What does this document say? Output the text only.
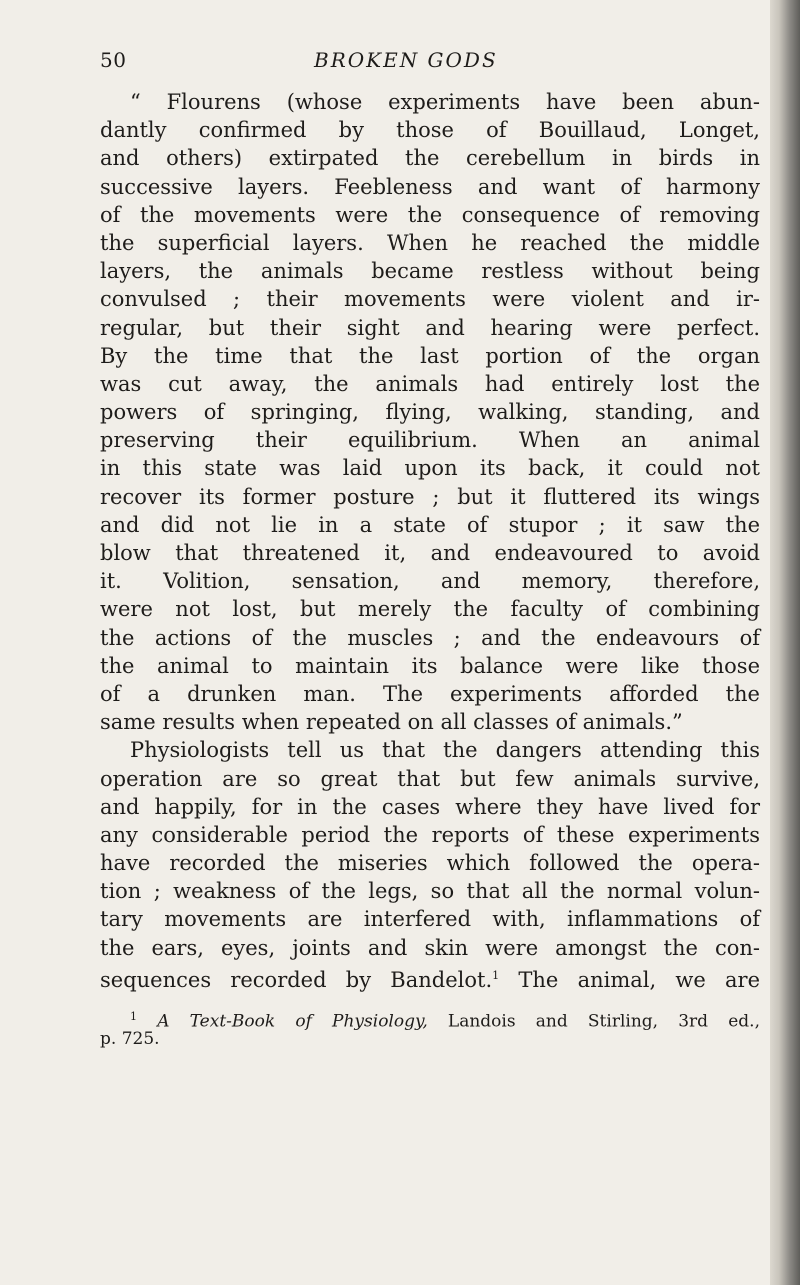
50	BROKEN GODS
“ Flourens (whose experiments have been abun-
dantly confirmed by those of Bouillaud, Longet,
and others) extirpated the cerebellum in birds in
successive layers. Feebleness and want of harmony
of the movements were the consequence of removing
the superficial layers. When he reached the middle
layers, the animals became restless without being
convulsed ; their movements were violent and ir-
regular, but their sight and hearing were perfect.
By the time that the last portion of the organ
was cut away, the animals had entirely lost the
powers of springing, flying, walking, standing, and
preserving their equilibrium. When an animal
in this state was laid upon its back, it could not
recover its former posture ; but it fluttered its wings
and did not lie in a state of stupor ; it saw the
blow that threatened it, and endeavoured to avoid
it. Volition, sensation, and memory, therefore,
were not lost, but merely the faculty of combining
the actions of the muscles ; and the endeavours of
the animal to maintain its balance were like those
of a drunken man. The experiments afforded the
same results when repeated on all classes of animals.”
Physiologists tell us that the dangers attending this
operation are so great that but few animals survive,
and happily, for in the cases where they have lived for
any considerable period the reports of these experiments
have recorded the miseries which followed the opera-
tion ; weakness of the legs, so that all the normal volun-
tary movements are interfered with, inflammations of
the ears, eyes, joints and skin were amongst the con-
sequences recorded by Bandelot.$^1$ The animal, we are
$^1$ A Text-Book of Physiology, Landois and Stirling, 3rd ed.,
p. 725.
